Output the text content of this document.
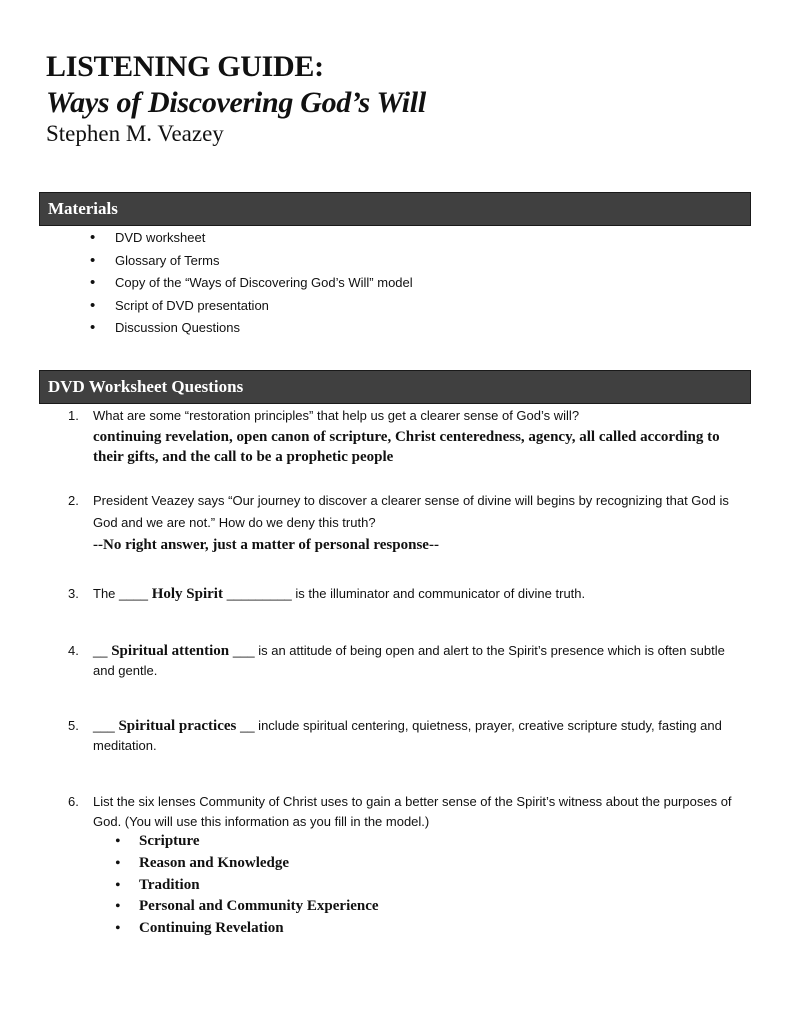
LISTENING GUIDE:
Ways of Discovering God’s Will
Stephen M. Veazey
Materials
• DVD worksheet
• Glossary of Terms
• Copy of the “Ways of Discovering God’s Will” model
• Script of DVD presentation
• Discussion Questions
DVD Worksheet Questions
1. What are some “restoration principles” that help us get a clearer sense of God’s will?
continuing revelation, open canon of scripture, Christ centeredness, agency, all called according to their gifts, and the call to be a prophetic people
2. President Veazey says “Our journey to discover a clearer sense of divine will begins by recognizing that God is God and we are not.” How do we deny this truth?
--No right answer, just a matter of personal response--
3. The ____ Holy Spirit _________ is the illuminator and communicator of divine truth.
4. __ Spiritual attention ___ is an attitude of being open and alert to the Spirit’s presence which is often subtle and gentle.
5. ___ Spiritual practices __ include spiritual centering, quietness, prayer, creative scripture study, fasting and meditation.
6. List the six lenses Community of Christ uses to gain a better sense of the Spirit’s witness about the purposes of God. (You will use this information as you fill in the model.)
• Scripture
• Reason and Knowledge
• Tradition
• Personal and Community Experience
• Continuing Revelation
